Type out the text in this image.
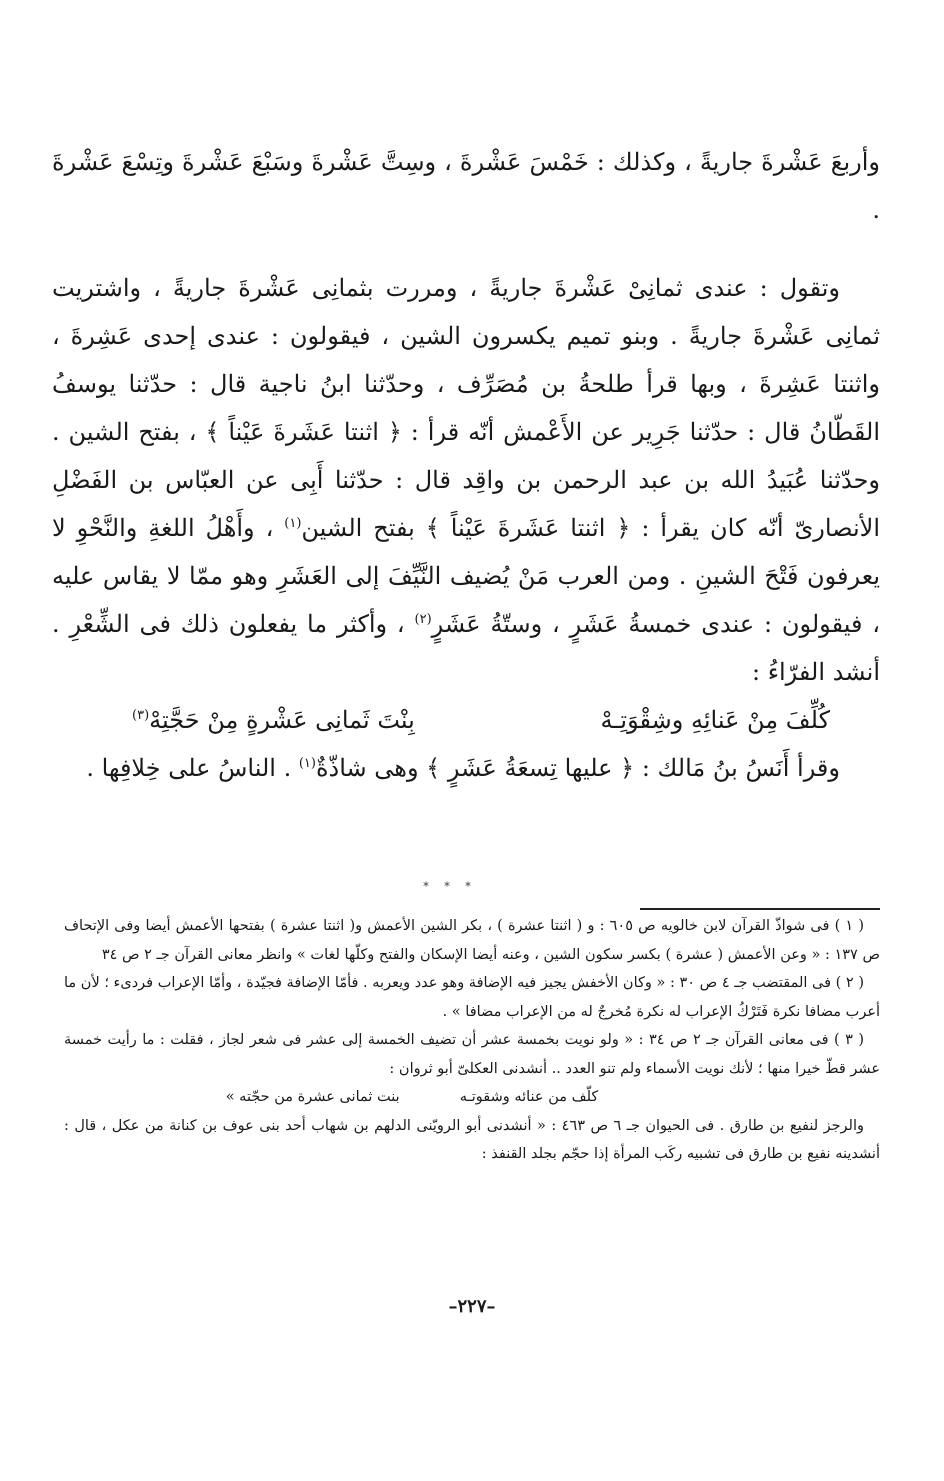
وأربعَ عَشْرةَ جاريةً ، وكذلك : خَمْسَ عَشْرةَ ، وسِتَّ عَشْرةَ وسَبْعَ عَشْرةَ وتِسْعَ عَشْرةَ .

وتقول : عندى ثمانِىْ عَشْرةَ جاريةً ، ومررت بثمانِى عَشْرةَ جاريةً ، واشتريت ثمانِى عَشْرةَ جاريةً . وبنو تميم يكسرون الشين ، فيقولون : عندى إحدى عَشِرةَ ، واثنتا عَشِرةَ ، وبها قرأ طلحةُ بن مُصَرِّف ، وحدّثنا ابنُ ناجية قال : حدّثنا يوسفُ القَطّانُ قال : حدّثنا جَرِير عن الأَعْمش أنّه قرأ : ﴿ اثنتا عَشَرةَ عَيْناً ﴾ ، بفتح الشين . وحدّثنا عُبَيدُ الله بن عبد الرحمن بن واقِد قال : حدّثنا أَبِى عن العبّاس بن الفَضْلِ الأنصارىّ أنّه كان يقرأ : ﴿ اثنتا عَشَرةَ عَيْناً ﴾ بفتح الشين$^{(١)}$ ، وأَهْلُ اللغةِ والنَّحْوِ لا يعرفون فَتْحَ الشينِ . ومن العرب مَنْ يُضيف النَّيِّفَ إلى العَشَرِ وهو ممّا لا يقاس عليه ، فيقولون : عندى خمسةُ عَشَرٍ ، وستّةُ عَشَرٍ$^{(٢)}$ ، وأكثر ما يفعلون ذلك فى الشِّعْرِ . أنشد الفرّاءُ :

كُلِّفَ مِنْ عَنائِهِ وشِقْوَتِـهْ
بِنْتَ ثَمانِى عَشْرةٍ مِنْ حَجَّتِهْ$^{(٣)}$

وقرأ أَنَسُ بنُ مَالك : ﴿ عليها تِسعَةُ عَشَرٍ ﴾ وهى شاذّةٌ$^{(١)}$ . الناسُ على خِلافِها .

* * *

( ١ ) فى شواذّ القرآن لابن خالويه ص ٦٠٥ : و ( اثنتا عشرة ) ، بكر الشين الأعمش و( اثنتا عشرة ) بفتحها الأعمش أيضا وفى الإتحاف ص ١٣٧ : « وعن الأعمش ( عشرة ) بكسر سكون الشين ، وعنه أيضا الإسكان والفتح وكلّها لغات » وانظر معانى القرآن جـ ٢ ص ٣٤

( ٢ ) فى المقتضب جـ ٤ ص ٣٠ : « وكان الأخفش يجيز فيه الإضافة وهو عدد ويعربه . فأمّا الإضافة فجيّدة ، وأمّا الإعراب فردىء ؛ لأن ما أعرب مضافا نكرة فَتَرْكُ الإعراب له نكرة مُخرجٌ له من الإعراب مضافا » .

( ٣ ) فى معانى القرآن جـ ٢ ص ٣٤ : « ولو نويت بخمسة عشر أن تضيف الخمسة إلى عشر فى شعر لجاز ، فقلت : ما رأيت خمسة عشر قطّ خيرا منها ؛ لأنك نويت الأسماء ولم تنو العدد .. أنشدنى العكلىّ أبو ثروان :

كلّف من عنائه وشقوتـه
بنت ثمانى عشرة من حجّته »

والرجز لنفيع بن طارق . فى الحيوان جـ ٦ ص ٤٦٣ : « أنشدنى أبو الرويّنى الدلهم بن شهاب أحد بنى عوف بن كنانة من عكل ، قال : أنشدينه نفيع بن طارق فى تشبيه ركَب المرأة إذا حجّم بجلد القنفذ :

–٢٢٧–
